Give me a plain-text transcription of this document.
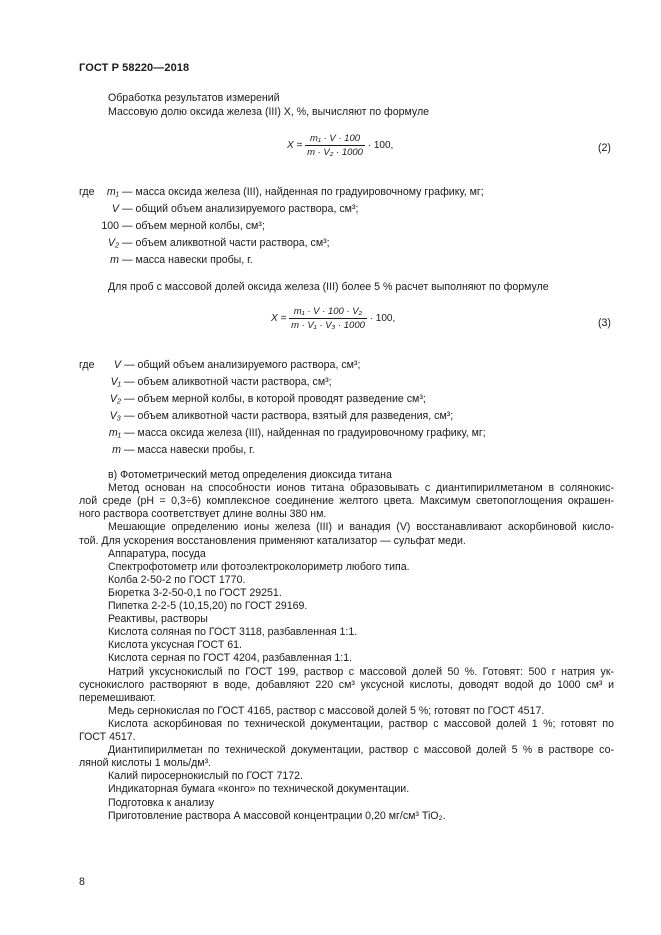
ГОСТ Р 58220—2018
Обработка результатов измерений
Массовую долю оксида железа (III) X, %, вычисляют по формуле
$X = \frac{\text{m₁ · V · 100}}{\text{m · V₂ · 1000}} \cdot 100$,	(2)
где	m₁ — масса оксида железа (III), найденная по градуировочному графику, мг;
V — общий объем анализируемого раствора, см³;
100 — объем мерной колбы, см³;
V₂ — объем аликвотной части раствора, см³;
m — масса навески пробы, г.
Для проб с массовой долей оксида железа (III) более 5 % расчет выполняют по формуле
$X = \frac{\text{m₁ · V · 100 · V₂}}{\text{m · V₁ · V₃ · 1000}} \cdot 100$,	(3)
где	V — общий объем анализируемого раствора, см³;
V₁ — объем аликвотной части раствора, см³;
V₂ — объем мерной колбы, в которой проводят разведение см³;
V₃ — объем аликвотной части раствора, взятый для разведения, см³;
m₁ — масса оксида железа (III), найденная по градуировочному графику, мг;
m — масса навески пробы, г.
в) Фотометрический метод определения диоксида титана
Метод основан на способности ионов титана образовывать с диантипирилметаном в солянокис-
лой среде (рН = 0,3÷6) комплексное соединение желтого цвета. Максимум светопоглощения окрашен-
ного раствора соответствует длине волны 380 нм.
Мешающие определению ионы железа (III) и ванадия (V) восстанавливают аскорбиновой кисло-
той. Для ускорения восстановления применяют катализатор — сульфат меди.
Аппаратура, посуда
Спектрофотометр или фотоэлектроколориметр любого типа.
Колба 2-50-2 по ГОСТ 1770.
Бюретка 3-2-50-0,1 по ГОСТ 29251.
Пипетка 2-2-5 (10,15,20) по ГОСТ 29169.
Реактивы, растворы
Кислота соляная по ГОСТ 3118, разбавленная 1:1.
Кислота уксусная ГОСТ 61.
Кислота серная по ГОСТ 4204, разбавленная 1:1.
Натрий уксуснокислый по ГОСТ 199, раствор с массовой долей 50 %. Готовят: 500 г натрия ук-
суснокислого растворяют в воде, добавляют 220 см³ уксусной кислоты, доводят водой до 1000 см³ и
перемешивают.
Медь сернокислая по ГОСТ 4165, раствор с массовой долей 5 %; готовят по ГОСТ 4517.
Кислота аскорбиновая по технической документации, раствор с массовой долей 1 %; готовят по
ГОСТ 4517.
Диантипирилметан по технической документации, раствор с массовой долей 5 % в растворе со-
ляной кислоты 1 моль/дм³.
Калий пиросернокислый по ГОСТ 7172.
Индикаторная бумага «конго» по технической документации.
Подготовка к анализу
Приготовление раствора А массовой концентрации 0,20 мг/см³ TiO₂.
8
